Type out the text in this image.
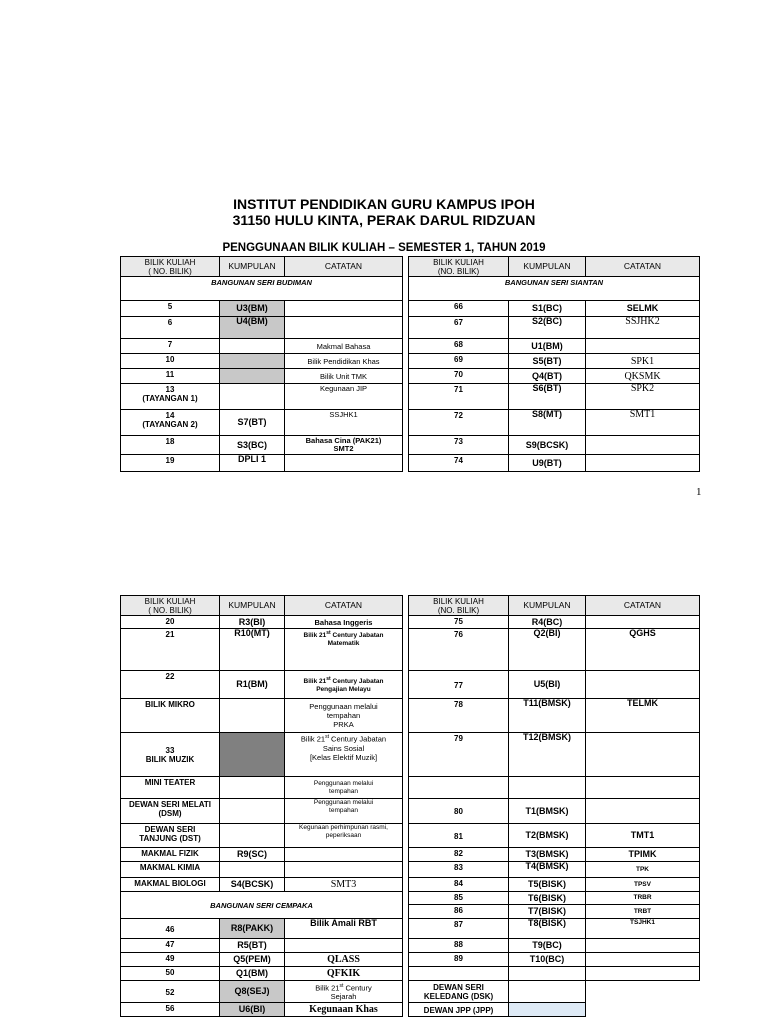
INSTITUT PENDIDIKAN GURU KAMPUS IPOH
31150 HULU KINTA, PERAK DARUL RIDZUAN
PENGGUNAAN BILIK KULIAH – SEMESTER 1, TAHUN 2019
BILIK KULIAH
( NO. BILIK)	KUMPULAN	CATATAN
BANGUNAN SERI BUDIMAN		
5	U3(BM)	
6	U4(BM)	
7		Makmal Bahasa
10		Bilik Pendidikan Khas
11		Bilik Unit TMK
13
(TAYANGAN 1)		Kegunaan JIP
14
(TAYANGAN 2)	S7(BT)	SSJHK1
18	S3(BC)	Bahasa Cina (PAK21)
SMT2
19	DPLI 1	
BILIK KULIAH
(NO. BILIK)	KUMPULAN	CATATAN
BANGUNAN SERI SIANTAN		
66	S1(BC)	SELMK
67	S2(BC)	SSJHK2
68	U1(BM)	
69	S5(BT)	SPK1
70	Q4(BT)	QKSMK
71	S6(BT)	SPK2
72	S8(MT)	SMT1
73	S9(BCSK)	
74	U9(BT)	
1
BILIK KULIAH
( NO. BILIK)	KUMPULAN	CATATAN
20	R3(BI)	Bahasa Inggeris
21	R10(MT)	Bilik 21st Century Jabatan
Matematik
22	R1(BM)	Bilik 21st Century Jabatan
Pengajian Melayu
BILIK MIKRO		Penggunaan melalui
tempahan
PRKA
33
BILIK MUZIK		Bilik 21st Century Jabatan
Sains Sosial
[Kelas Elektif Muzik]
MINI TEATER		Penggunaan melalui
tempahan
DEWAN SERI MELATI
(DSM)		Penggunaan melalui
tempahan
DEWAN SERI
TANJUNG (DST)		Kegunaan perhimpunan rasmi,
peperiksaan
MAKMAL FIZIK	R9(SC)	
MAKMAL KIMIA		
MAKMAL BIOLOGI	S4(BCSK)	SMT3
BANGUNAN SERI CEMPAKA		
46	R8(PAKK)	Bilik Amali RBT
47	R5(BT)	
49	Q5(PEM)	QLASS
50	Q1(BM)	QFKIK
52	Q8(SEJ)	Bilik 21st Century
Sejarah
56	U6(BI)	Kegunaan Khas
BILIK KULIAH
(NO. BILIK)	KUMPULAN	CATATAN
75	R4(BC)	
76	Q2(BI)	QGHS
77	U5(BI)	
78	T11(BMSK)	TELMK
79	T12(BMSK)	

80	T1(BMSK)	
81	T2(BMSK)	TMT1
82	T3(BMSK)	TPIMK
83	T4(BMSK)	TPK
84	T5(BISK)	TPSV
85	T6(BISK)	TRBR
86	T7(BISK)	TRBT
87	T8(BISK)	TSJHK1
88	T9(BC)	
89	T10(BC)	

DEWAN SERI
KELEDANG (DSK)		
DEWAN JPP (JPP)		
